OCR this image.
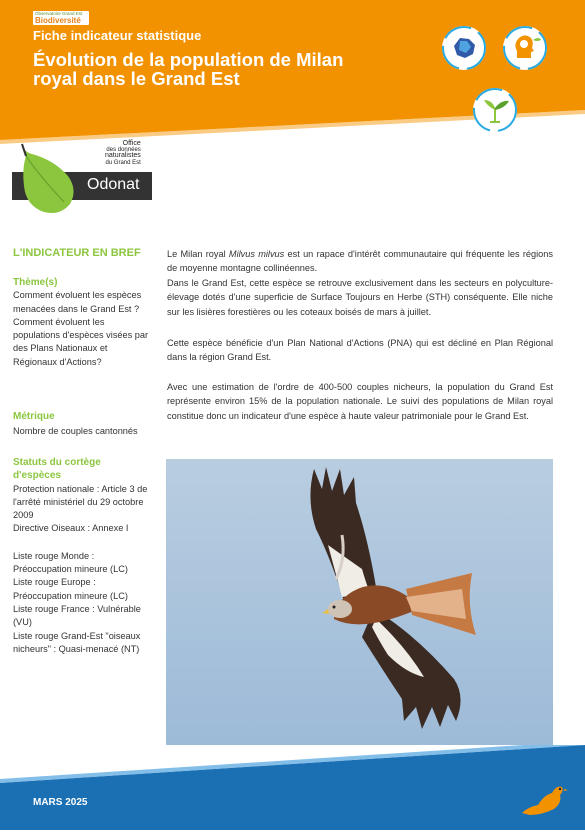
Observatoire Grand Est
Biodiversité
Fiche indicateur statistique
Évolution de la population de Milan
royal dans le Grand Est
Office
des données
naturalistes
du Grand Est
Odonat
L'INDICATEUR EN BREF
Thème(s)
Comment évoluent les espèces
menacées dans le Grand Est ?
Comment évoluent les
populations d'espèces visées par
des Plans Nationaux et
Régionaux d'Actions?
Métrique
Nombre de couples cantonnés
Statuts du cortège
d'espèces
Protection nationale : Article 3 de
l'arrêté ministériel du 29 octobre
2009
Directive Oiseaux : Annexe I
Liste rouge Monde :
Préoccupation mineure (LC)
Liste rouge Europe :
Préoccupation mineure (LC)
Liste rouge France : Vulnérable
(VU)
Liste rouge Grand-Est "oiseaux
nicheurs" : Quasi-menacé (NT)
Le Milan royal Milvus milvus est un rapace d'intérêt communautaire qui fréquente les régions de moyenne montagne collinéennes.
Dans le Grand Est, cette espèce se retrouve exclusivement dans les secteurs en polyculture-élevage dotés d'une superficie de Surface Toujours en Herbe (STH) conséquente. Elle niche sur les lisières forestières ou les coteaux boisés de mars à juillet.
Cette espèce bénéficie d'un Plan National d'Actions (PNA) qui est décliné en Plan Régional dans la région Grand Est.
Avec une estimation de l'ordre de 400-500 couples nicheurs, la population du Grand Est représente environ 15% de la population nationale. Le suivi des populations de Milan royal constitue donc un indicateur d'une espèce à haute valeur patrimoniale pour le Grand Est.
MARS 2025
